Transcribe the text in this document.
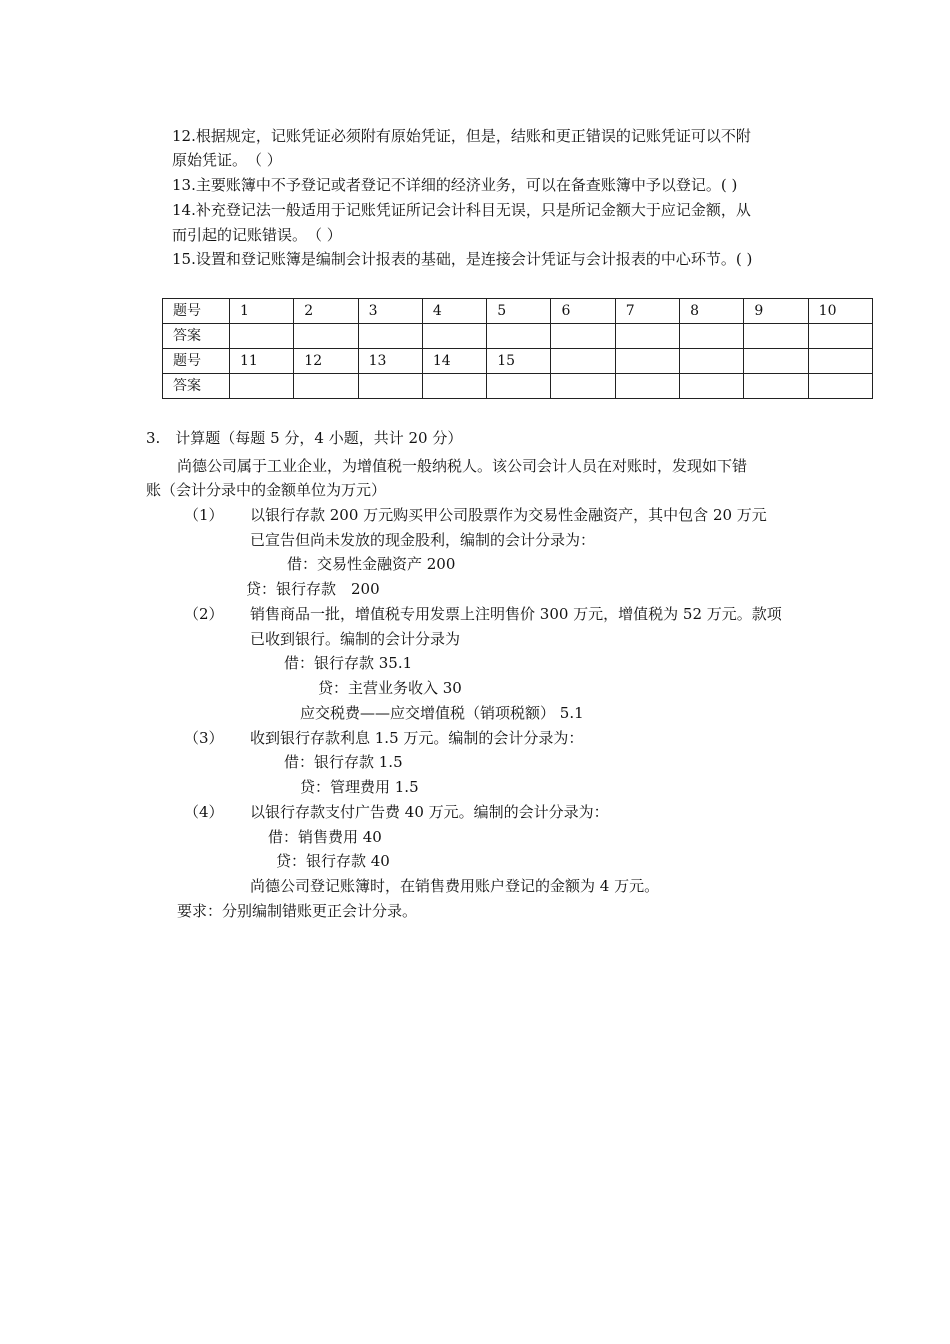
12.根据规定，记账凭证必须附有原始凭证，但是，结账和更正错误的记账凭证可以不附
原始凭证。　（ ）
13.主要账簿中不予登记或者登记不详细的经济业务，可以在备查账簿中予以登记。( )
14.补充登记法一般适用于记账凭证所记会计科目无误，只是所记金额大于应记金额，从
而引起的记账错误。　（ ）
15.设置和登记账簿是编制会计报表的基础，是连接会计凭证与会计报表的中心环节。( )
题号	1	2	3	4	5	6	7	8	9	10
答案										
题号	11	12	13	14	15					
答案										
3.　计算题（每题 5 分，4 小题，共计 20 分）
尚德公司属于工业企业，为增值税一般纳税人。该公司会计人员在对账时，发现如下错
账（会计分录中的金额单位为万元）
（1） 以银行存款 200 万元购买甲公司股票作为交易性金融资产，其中包含 20 万元
已宣告但尚未发放的现金股利，编制的会计分录为：
借：交易性金融资产 200
贷：银行存款　200
（2） 销售商品一批，增值税专用发票上注明售价 300 万元，增值税为 52 万元。款项
已收到银行。编制的会计分录为
借：银行存款 35.1
贷：主营业务收入 30
应交税费——应交增值税（销项税额） 5.1
（3） 收到银行存款利息 1.5 万元。编制的会计分录为：
借：银行存款 1.5
贷：管理费用 1.5
（4） 以银行存款支付广告费 40 万元。编制的会计分录为：
借：销售费用 40
贷：银行存款 40
尚德公司登记账簿时，在销售费用账户登记的金额为 4 万元。
要求：分别编制错账更正会计分录。
